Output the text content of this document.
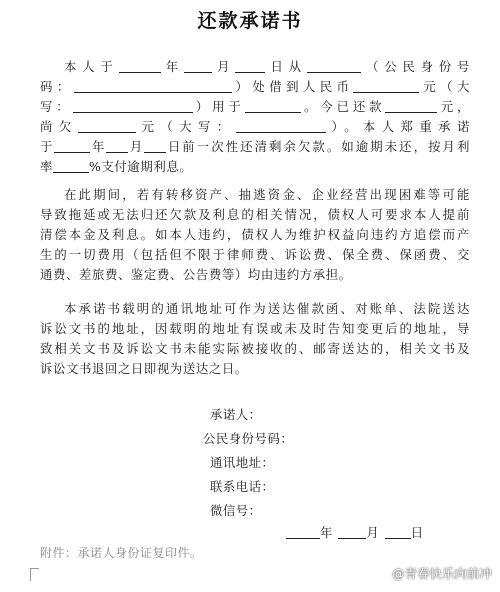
还款承诺书
本人于	年 月 日从	（公民身份号
码：	）处借到人民币	元（大
写：	）用于	。今已还款	元，
尚欠	元（大写：	）。本人郑重承诺
于	年 月 日前一次性还清剩余欠款。如逾期未还，按月利
率	%支付逾期利息。
在此期间，若有转移资产、抽逃资金、企业经营出现困难等可能
导致拖延或无法归还欠款及利息的相关情况，债权人可要求本人提前
清偿本金及利息。如本人违约，债权人为维护权益向违约方追偿而产
生的一切费用（包括但不限于律师费、诉讼费、保全费、保函费、交
通费、差旅费、鉴定费、公告费等）均由违约方承担。
本承诺书载明的通讯地址可作为送达催款函、对账单、法院送达
诉讼文书的地址，因载明的地址有误或未及时告知变更后的地址，导
致相关文书及诉讼文书未能实际被接收的、邮寄送达的，相关文书及
诉讼文书退回之日即视为送达之日。
承诺人：
公民身份号码：
通讯地址：
联系电话：
微信号：
年	月	日
附件：承诺人身份证复印件。
@青春快乐向前冲
